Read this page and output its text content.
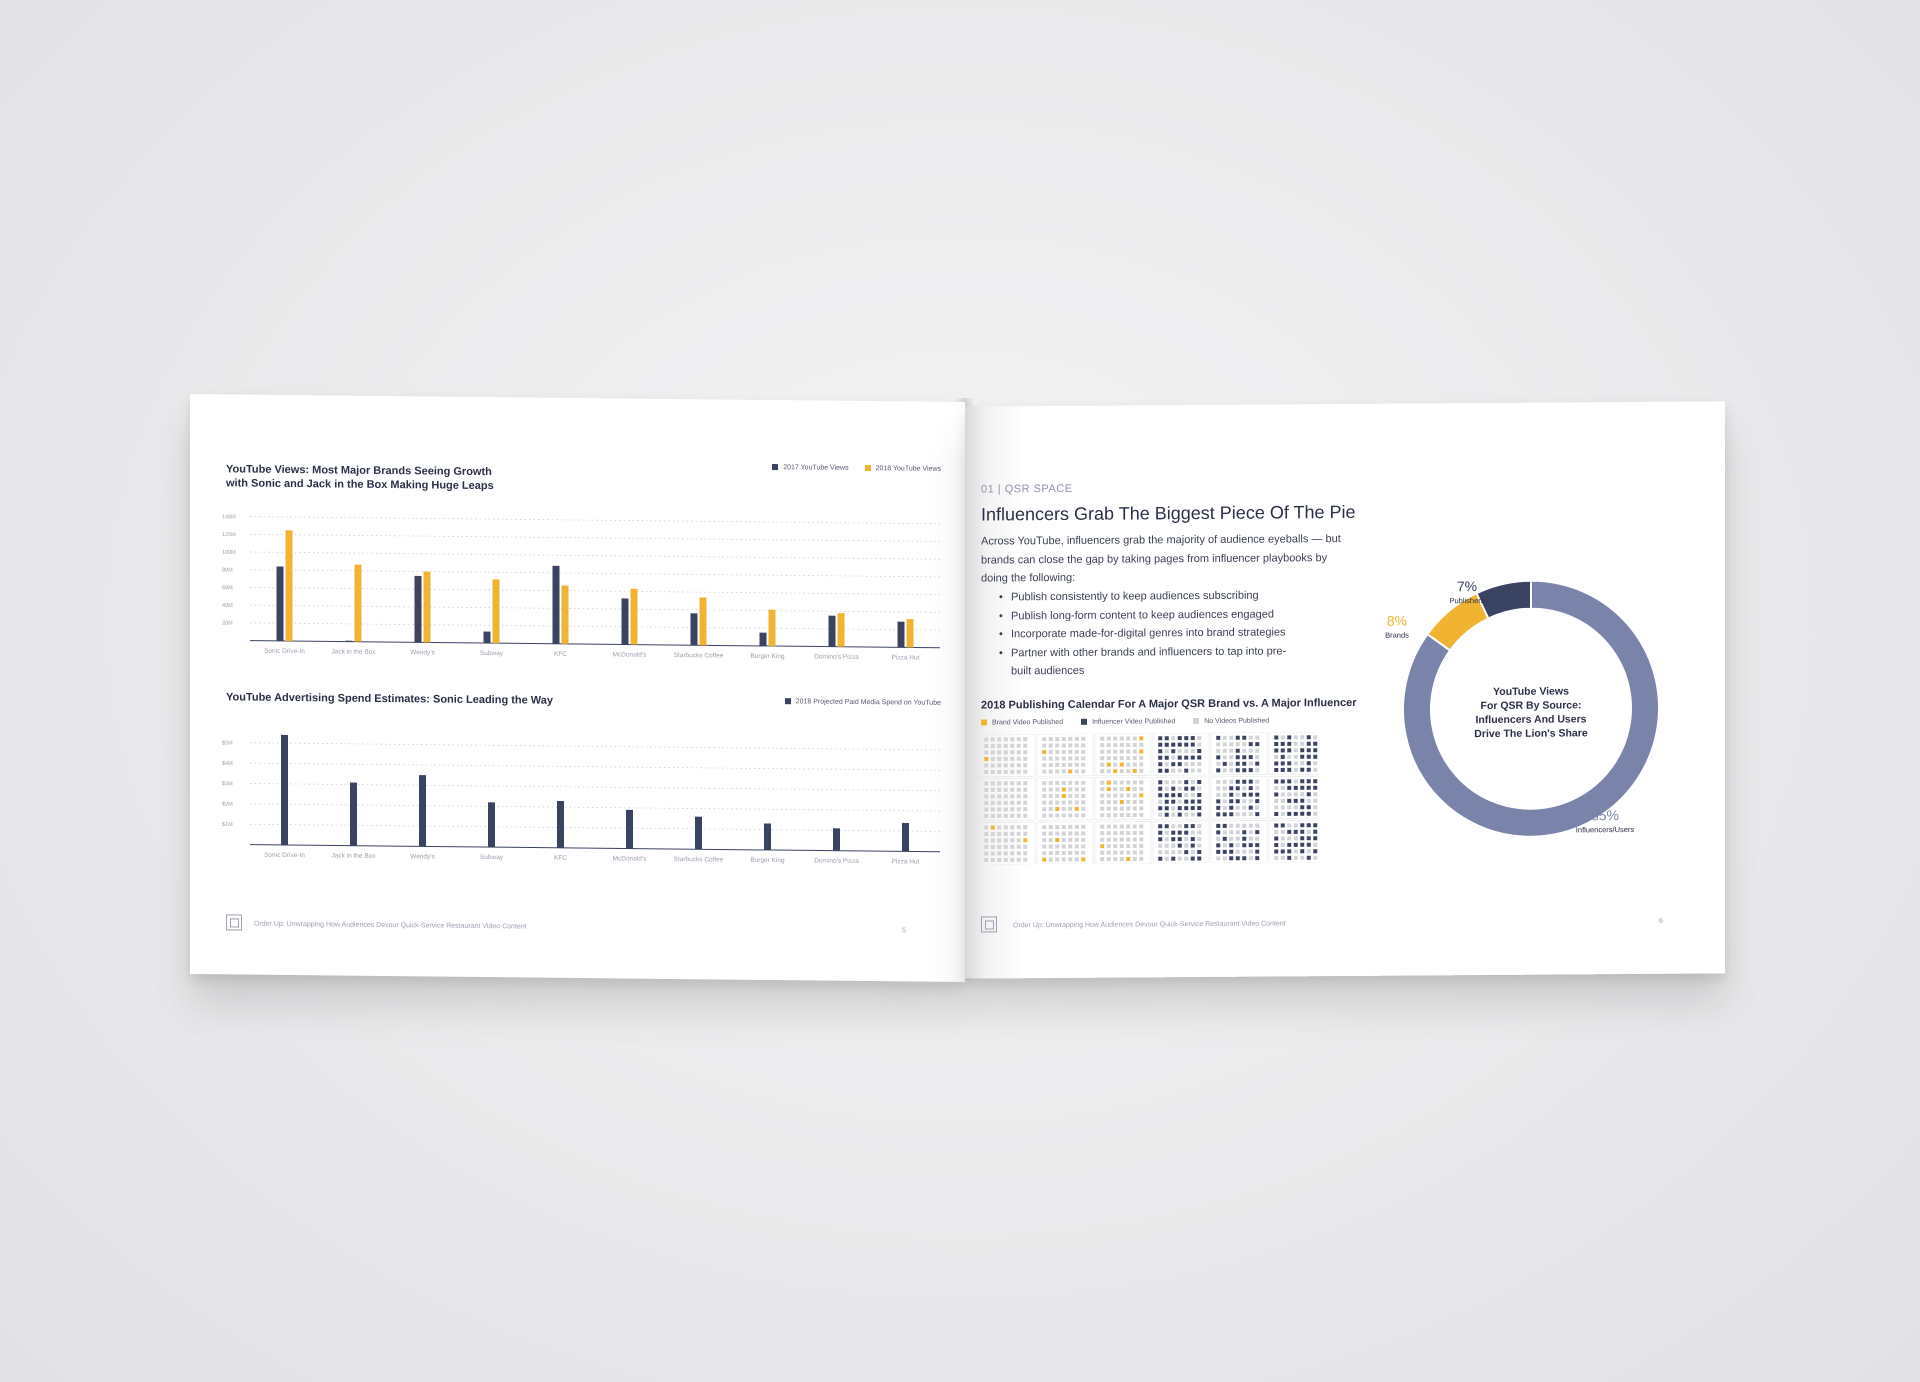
YouTube Views: Most Major Brands Seeing Growth
with Sonic and Jack in the Box Making Huge Leaps
2017 YouTube Views	2018 YouTube Views
20M
40M
60M
80M
100M
120M
140M
Sonic Drive-In	Jack in the Box	Wendy's	Subway	KFC	McDonald's	Starbucks Coffee	Burger King	Domino's Pizza	Pizza Hut
YouTube Advertising Spend Estimates: Sonic Leading the Way	2018 Projected Paid Media Spend on YouTube
$1M
$2M
$3M
$4M
$5M
Sonic Drive-In	Jack in the Box	Wendy's	Subway	KFC	McDonald's	Starbucks Coffee	Burger King	Domino's Pizza	Pizza Hut
Order Up: Unwrapping How Audiences Devour Quick-Service Restaurant Video Content
5
01 | QSR SPACE
Influencers Grab The Biggest Piece Of The Pie
Across YouTube, influencers grab the majority of audience eyeballs — but brands can close the gap by taking pages from influencer playbooks by doing the following:
• Publish consistently to keep audiences subscribing
• Publish long-form content to keep audiences engaged
• Incorporate made-for-digital genres into brand strategies
• Partner with other brands and influencers to tap into pre-built audiences
2018 Publishing Calendar For A Major QSR Brand vs. A Major Influencer
Brand Video Published	Influencer Video Published	No Videos Published
85%
Influencers/Users
8%
Brands
7%
Publishers
YouTube Views
For QSR By Source:
Influencers And Users
Drive The Lion's Share
Order Up: Unwrapping How Audiences Devour Quick-Service Restaurant Video Content	6
